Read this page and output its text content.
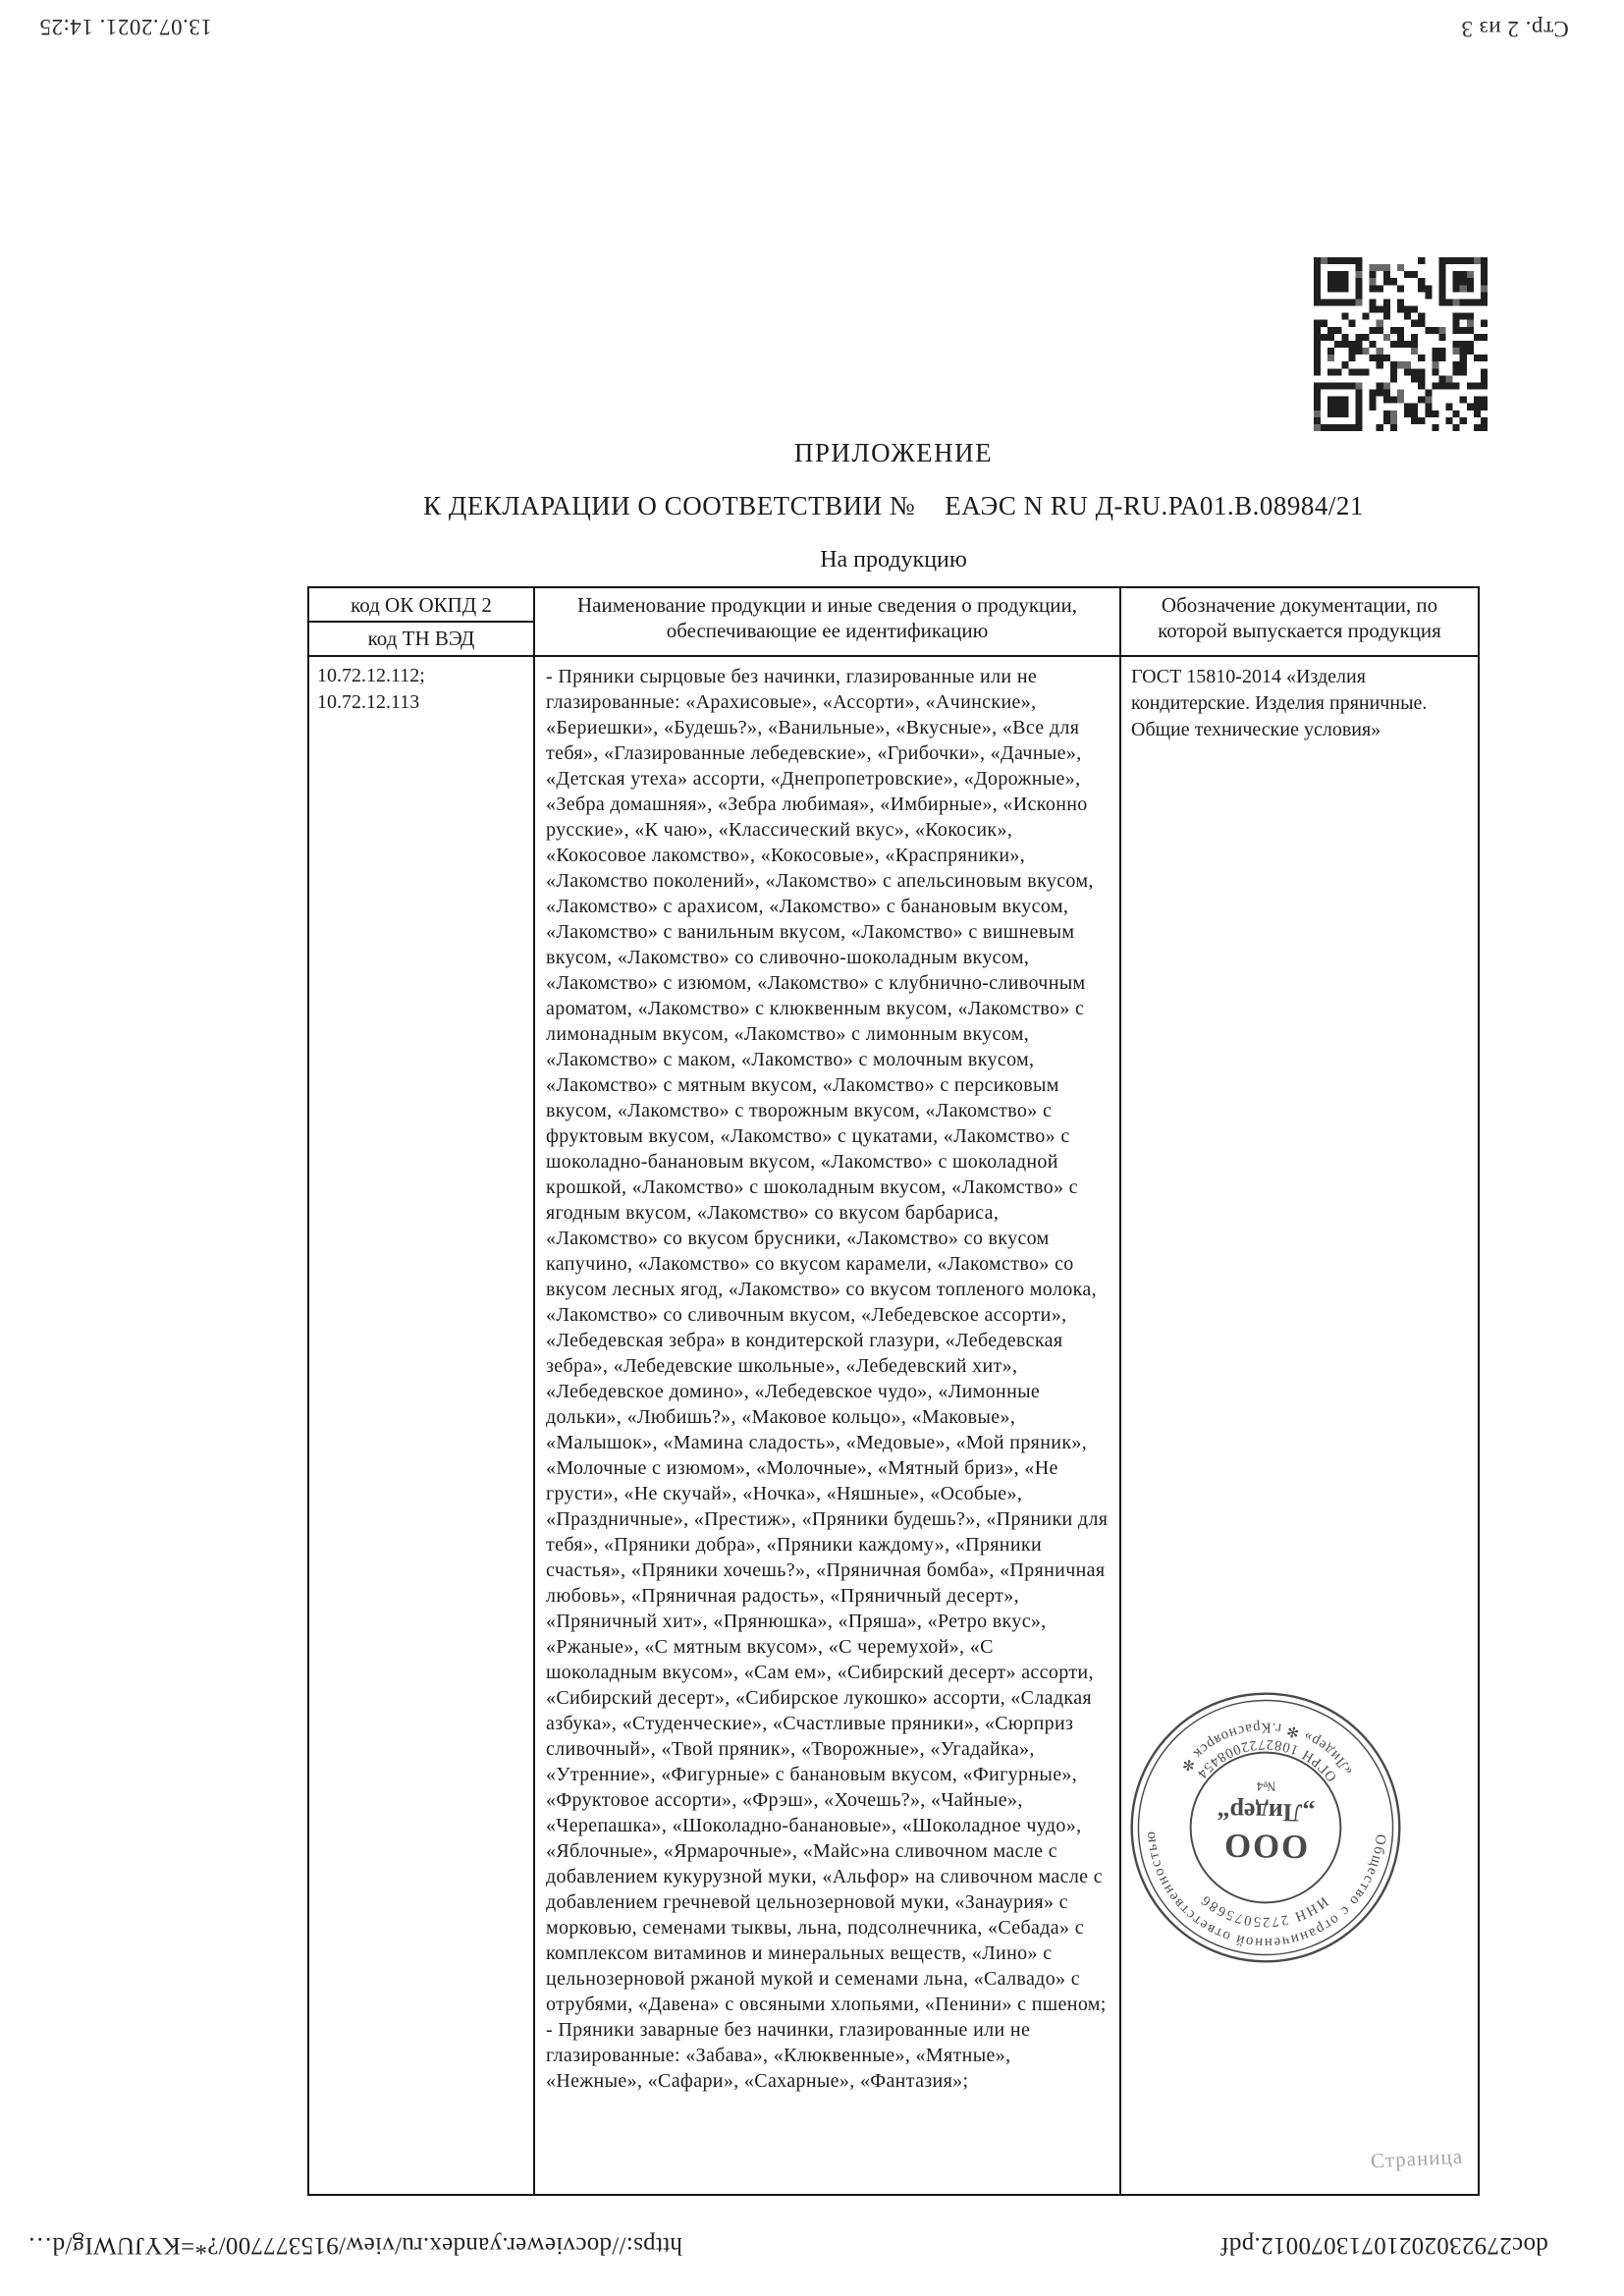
13.07.2021. 14:25	Стр. 2 из 3
ПРИЛОЖЕНИЕ
К ДЕКЛАРАЦИИ О СООТВЕТСТВИИ № ЕАЭС N RU Д-RU.РА01.В.08984/21
На продукцию
код ОК ОКПД 2
код ТН ВЭД	Наименование продукции и иные сведения о продукции, обеспечивающие ее идентификацию	Обозначение документации, по которой выпускается продукция

10.72.12.112;
10.72.12.113	- Пряники сырцовые без начинки, глазированные или не глазированные: «Арахисовые», «Ассорти», «Ачинские», «Бериешки», «Будешь?», «Ванильные», «Вкусные», «Все для тебя», «Глазированные лебедевские», «Грибочки», «Дачные», «Детская утеха» ассорти, «Днепропетровские», «Дорожные», «Зебра домашняя», «Зебра любимая», «Имбирные», «Исконно русские», «К чаю», «Классический вкус», «Кокосик», «Кокосовое лакомство», «Кокосовые», «Краспряники», «Лакомство поколений», «Лакомство» с апельсиновым вкусом, «Лакомство» с арахисом, «Лакомство» с банановым вкусом, «Лакомство» с ванильным вкусом, «Лакомство» с вишневым вкусом, «Лакомство» со сливочно-шоколадным вкусом, «Лакомство» с изюмом, «Лакомство» с клубнично-сливочным ароматом, «Лакомство» с клюквенным вкусом, «Лакомство» с лимонадным вкусом, «Лакомство» с лимонным вкусом, «Лакомство» с маком, «Лакомство» с молочным вкусом, «Лакомство» с мятным вкусом, «Лакомство» с персиковым вкусом, «Лакомство» с творожным вкусом, «Лакомство» с фруктовым вкусом, «Лакомство» с цукатами, «Лакомство» с шоколадно-банановым вкусом, «Лакомство» с шоколадной крошкой, «Лакомство» с шоколадным вкусом, «Лакомство» с ягодным вкусом, «Лакомство» со вкусом барбариса, «Лакомство» со вкусом брусники, «Лакомство» со вкусом капучино, «Лакомство» со вкусом карамели, «Лакомство» со вкусом лесных ягод, «Лакомство» со вкусом топленого молока, «Лакомство» со сливочным вкусом, «Лебедевское ассорти», «Лебедевская зебра» в кондитерской глазури, «Лебедевская зебра», «Лебедевские школьные», «Лебедевский хит», «Лебедевское домино», «Лебедевское чудо», «Лимонные дольки», «Любишь?», «Маковое кольцо», «Маковые», «Малышок», «Мамина сладость», «Медовые», «Мой пряник», «Молочные с изюмом», «Молочные», «Мятный бриз», «Не грусти», «Не скучай», «Ночка», «Няшные», «Особые», «Праздничные», «Престиж», «Пряники будешь?», «Пряники для тебя», «Пряники добра», «Пряники каждому», «Пряники счастья», «Пряники хочешь?», «Пряничная бомба», «Пряничная любовь», «Пряничная радость», «Пряничный десерт», «Пряничный хит», «Прянюшка», «Пряша», «Ретро вкус», «Ржаные», «С мятным вкусом», «С черемухой», «С шоколадным вкусом», «Сам ем», «Сибирский десерт» ассорти, «Сибирский десерт», «Сибирское лукошко» ассорти, «Сладкая азбука», «Студенческие», «Счастливые пряники», «Сюрприз сливочный», «Твой пряник», «Творожные», «Угадайка», «Утренние», «Фигурные» с банановым вкусом, «Фигурные», «Фруктовое ассорти», «Фрэш», «Хочешь?», «Чайные», «Черепашка», «Шоколадно-банановые», «Шоколадное чудо», «Яблочные», «Ярмарочные», «Майс»на сливочном масле с добавлением кукурузной муки, «Альфор» на сливочном масле с добавлением гречневой цельнозерновой муки, «Занаурия» с морковью, семенами тыквы, льна, подсолнечника, «Себада» с комплексом витаминов и минеральных веществ, «Лино» с цельнозерновой ржаной мукой и семенами льна, «Салвадо» с отрубями, «Давена» с овсяными хлопьями, «Пенини» с пшеном; - Пряники заварные без начинки, глазированные или не глазированные: «Забава», «Клюквенные», «Мятные», «Нежные», «Сафари», «Сахарные», «Фантазия»;	ГОСТ 15810-2014 «Изделия кондитерские. Изделия пряничные. Общие технические условия»
Общество с ограниченной ответственностью
«Лидер» ✻ г.Красноярск ✻
ИНН 2725075686
ОГРН 1082722008454
ООО
„Лидер“
№4
Страница
https://docviewer.yandex.ru/view/915377700/?*=KYJUWIg/d…	doc27923020210713070012.pdf
